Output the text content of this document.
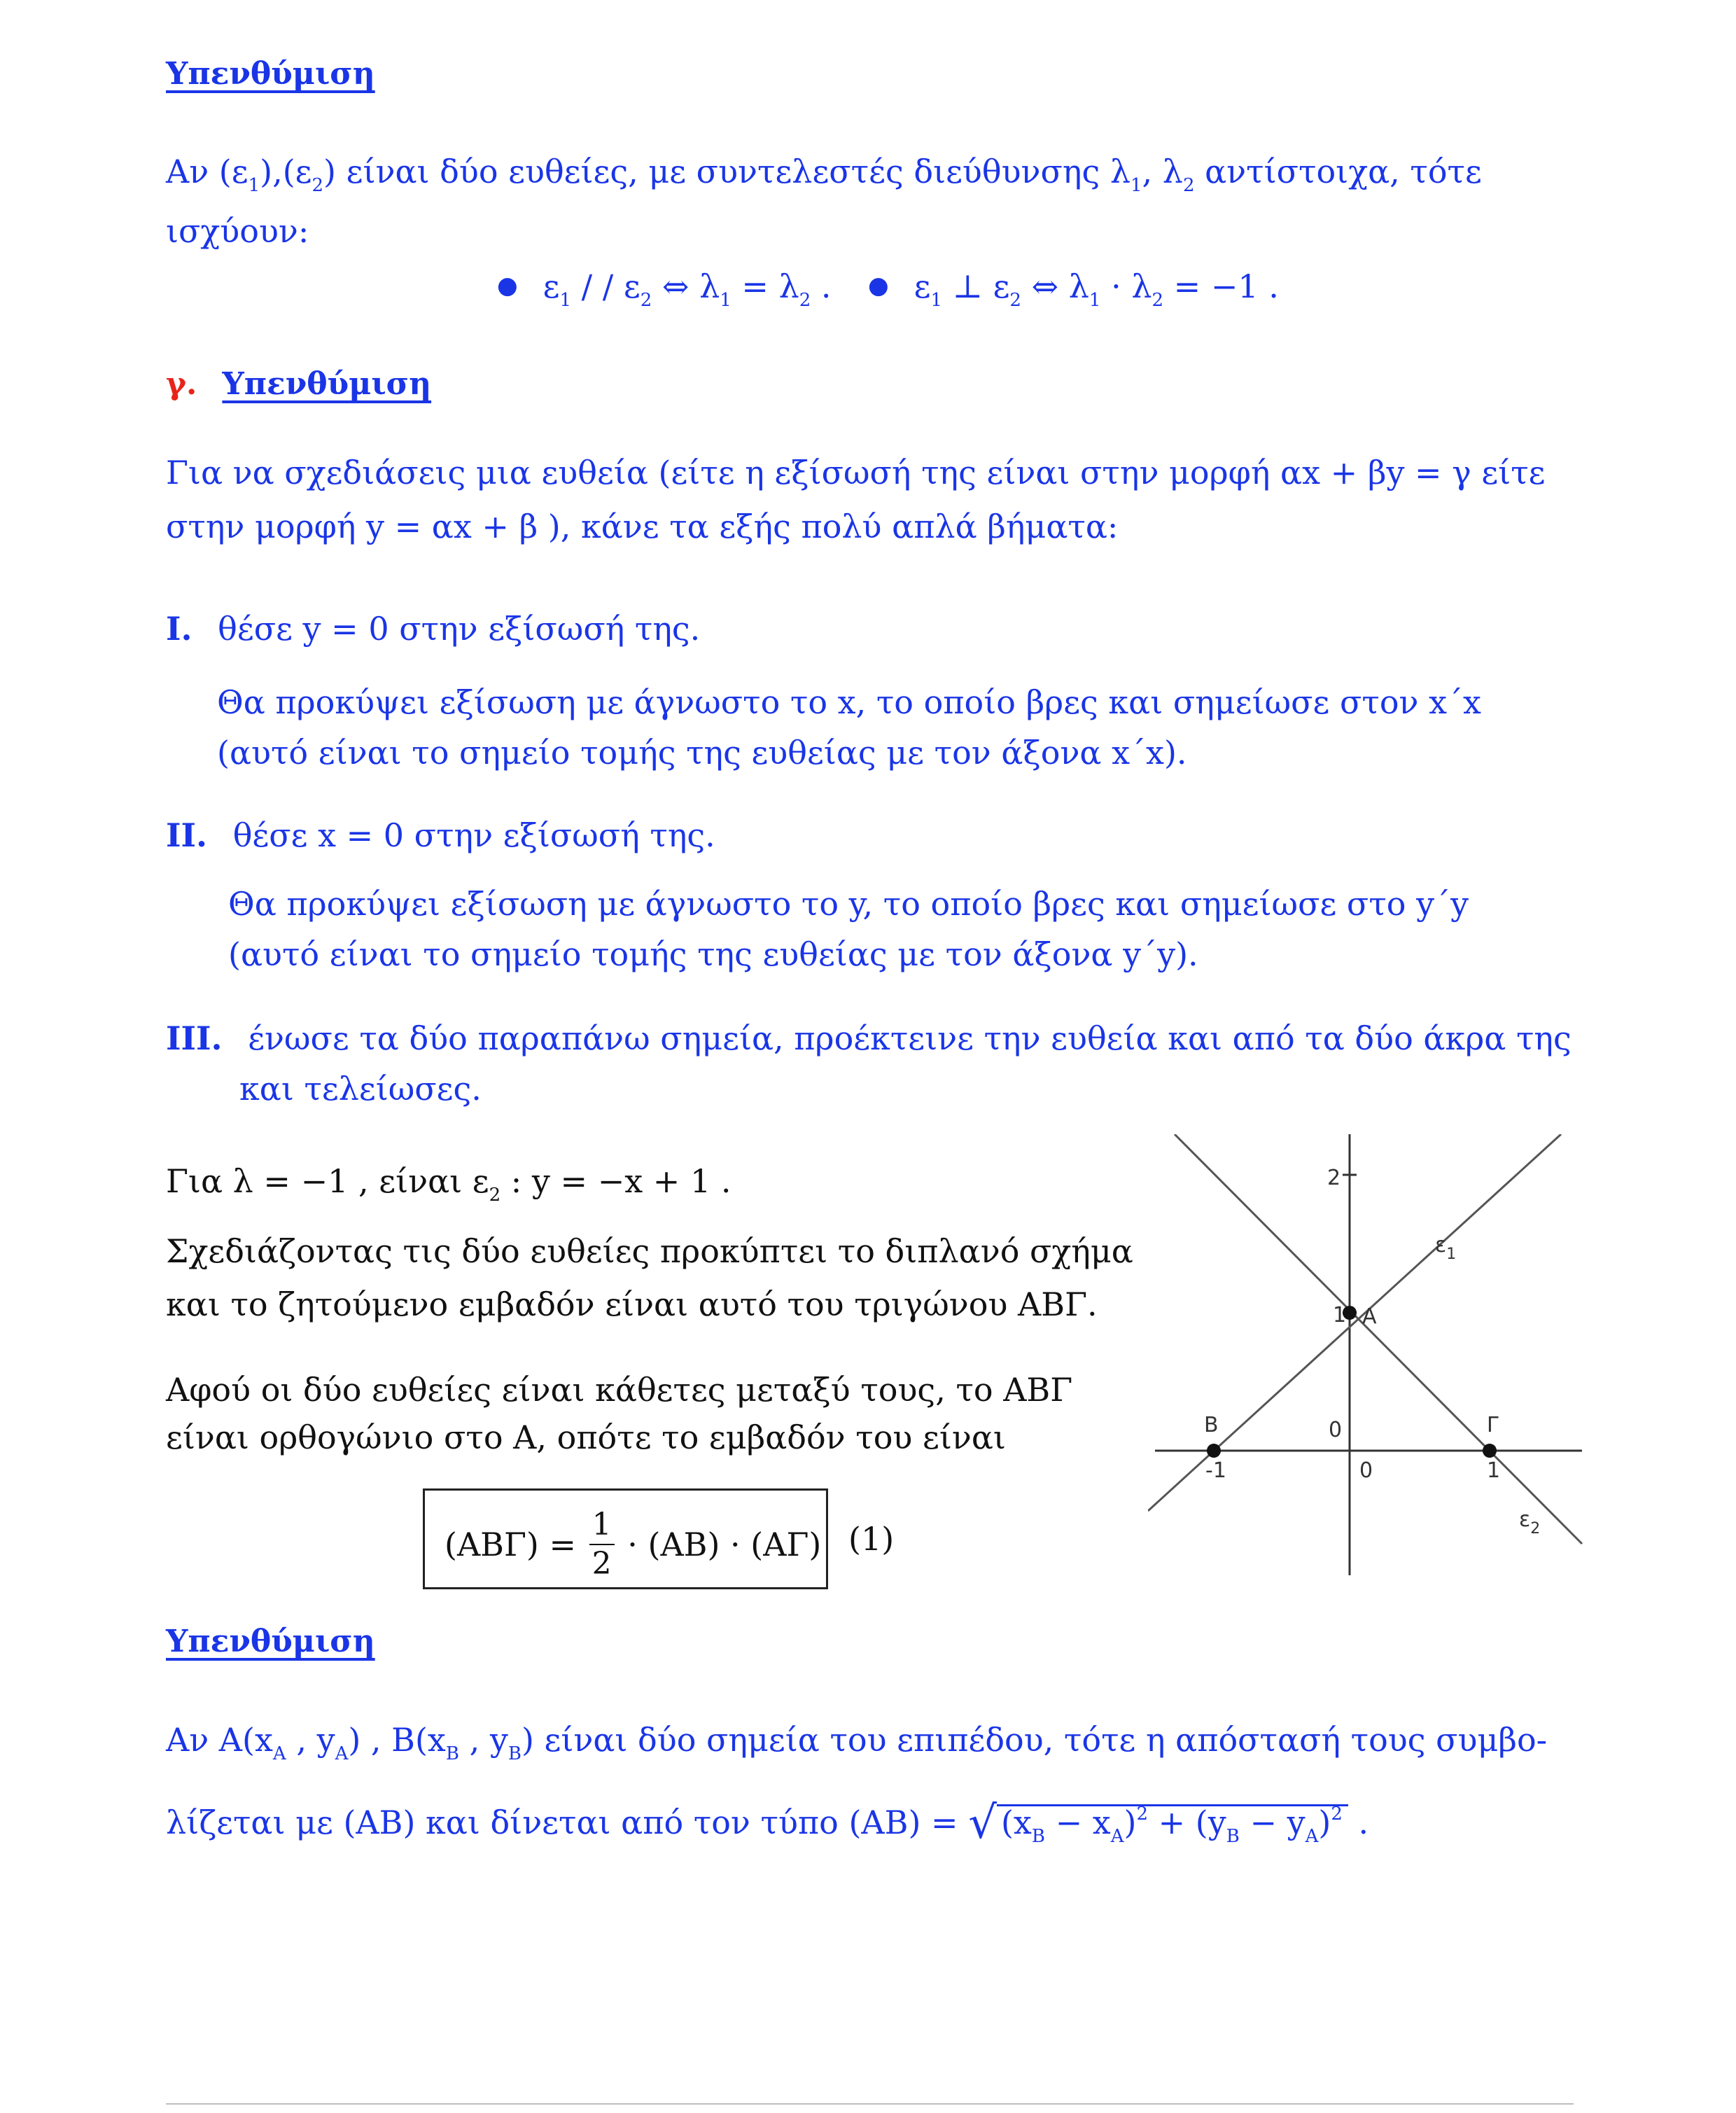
Υπενθύμιση
Αν $(\varepsilon_1),(\varepsilon_2)$ είναι δύο ευθείες, με συντελεστές διεύθυνσης $\lambda_1$, $\lambda_2$ αντίστοιχα, τότε
ισχύουν:
● $\varepsilon_1$ / / $\varepsilon_2$ ⇔ $\lambda_1 = \lambda_2$ . ● $\varepsilon_1$ ⊥ $\varepsilon_2$ ⇔ $\lambda_1 \cdot \lambda_2 = -1$ .
γ. Υπενθύμιση
Για να σχεδιάσεις μια ευθεία (είτε η εξίσωσή της είναι στην μορφή αx + βy = γ είτε
στην μορφή y = αx + β ), κάνε τα εξής πολύ απλά βήματα:
I. θέσε y = 0 στην εξίσωσή της.
Θα προκύψει εξίσωση με άγνωστο το x, το οποίο βρες και σημείωσε στον x΄x
(αυτό είναι το σημείο τομής της ευθείας με τον άξονα x΄x).
II. θέσε x = 0 στην εξίσωσή της.
Θα προκύψει εξίσωση με άγνωστο το y, το οποίο βρες και σημείωσε στο y΄y
(αυτό είναι το σημείο τομής της ευθείας με τον άξονα y΄y).
III. ένωσε τα δύο παραπάνω σημεία, προέκτεινε την ευθεία και από τα δύο άκρα της
και τελείωσες.
Για λ = −1 , είναι $\varepsilon_2$ : y = −x + 1 .
Σχεδιάζοντας τις δύο ευθείες προκύπτει το διπλανό σχήμα
και το ζητούμενο εμβαδόν είναι αυτό του τριγώνου ΑΒΓ.
Αφού οι δύο ευθείες είναι κάθετες μεταξύ τους, το ΑΒΓ
είναι ορθογώνιο στο Α, οπότε το εμβαδόν του είναι
$(AB\Gamma) = \frac{1}{2} \cdot (AB) \cdot (A\Gamma)$ (1)
2
1 Α
Β	Γ
0
0
-1	1
$\varepsilon_1$
$\varepsilon_2$
Υπενθύμιση
Αν $A(x_A$ , $y_A$) , $B(x_B$ , $y_B$) είναι δύο σημεία του επιπέδου, τότε η απόστασή τους συμβο-
λίζεται με (ΑΒ) και δίνεται από τον τύπο (ΑΒ) = √ $(x_B - x_A)^2 + (y_B - y_A)^2$ .
